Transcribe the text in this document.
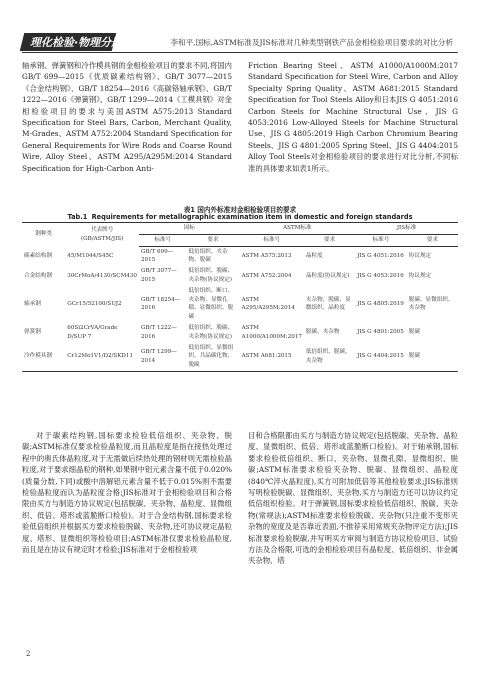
理化检验·物理分册	李和平,国标,ASTM标准及JIS标准对几种类型钢铁产品金相检验项目要求的对比分析

轴承钢、弹簧钢和冷作模具钢的金相检验项目的要求不同,将国内GB/T 699—2015《优质碳素结构钢》、GB/T 3077—2015《合金结构钢》、GB/T 18254—2016《高碳铬轴承钢》、GB/T 1222—2016《弹簧钢》、GB/T 1299—2014《工模具钢》对金相检验项目的要求与美国ASTM A575:2013 Standard Specification for Steel Bars, Carbon, Merchant Quality, M-Grades、ASTM A752:2004 Standard Specification for General Requirements for Wire Rods and Coarse Round Wire, Alloy Steel、ASTM A295/A295M:2014 Standard Specification for High-Carbon Anti-

Friction Bearing Steel、ASTM A1000/A1000M:2017 Standard Specification for Steel Wire, Carbon and Alloy Specialty Spring Quality、ASTM A681:2015 Standard Specification for Tool Steels Alloy和日本JIS G 4051:2016 Carbon Steels for Machine Structural Use、JIS G 4053:2016 Low-Alloyed Steels for Machine Structural Use、JIS G 4805:2019 High Carbon Chromium Bearing Steels、JIS G 4801:2005 Spring Steel、JIS G 4404:2015 Alloy Tool Steels对金相检验项目的要求进行对比分析,不同标准的具体要求如表1所示。

表1 国内外标准对金相检验项目的要求
Tab.1 Requirements for metallographic examination item in domestic and foreign standards
钢种类	代表牌号
(GB/ASTM/JIS)	国标		ASTM标准		JIS标准	
		标准号	要求	标准号	要求	标准号	要求
碳素结构钢	45/M1044/S45C	GB/T 699—2015	低倍组织、夹杂物、脱碳	ASTM A575:2013	晶粒度	JIS G 4051:2016	协议规定
合金结构钢	30CrMoA/4130/SCM430	GB/T 3077—2015	低倍组织、脱碳、夹杂物(协议规定)	ASTM A752:2004	晶粒度(协议规定)	JIS G 4053:2016	协议规定
轴承钢	GCr15/52100/SUJ2	GB/T 18254—2016	低倍组织、断口、夹杂物、显微孔隙、显微组织、脱碳	ASTM A295/A295M:2014	夹杂物、脱碳、显微组织、晶粒度	JIS G 4805:2019	脱碳、显微组织、夹杂物
弹簧钢	60Si2CrVA/Grade D/SUP 7	GB/T 1222—2016	低倍组织、脱碳、夹杂物(协议规定)	ASTM A1000/A1000M:2017	脱碳、夹杂物	JIS G 4801:2005	脱碳
冷作模具钢	Cr12Mo1V1/D2/SKD11	GB/T 1299—2014	低倍组织、显微组织、共晶碳化物、脱碳	ASTM A681:2015	低倍组织、脱碳、夹杂物	JIS G 4404:2015	脱碳

对于碳素结构钢,国标要求检验低倍组织、夹杂物、脱碳;ASTM标准仅要求检验晶粒度,而且晶粒度是指在接热处理过程中的奥氏体晶粒度,对于无需做后续热处理的钢材则无需检验晶粒度,对于要求细晶粒的钢种,如果钢中铝元素含量不低于0.020%(质量分数,下同)或酸中溶解铝元素含量不低于0.015%则不需要检验晶粒度而认为晶粒度合格;JIS标准对于金相检验项目和合格限由买方与制造方协议规定(包括脱碳、夹杂物、晶粒度、显微组织、低倍、塔形或蓝脆断口检验)。对于合金结构钢,国标要求检验低倍组织并根据买方要求检验脱碳、夹杂物,还可协议规定晶粒度、塔形、显微组织等检验项目;ASTM标准仅要求检验晶粒度,而且是在协议有规定时才检验;JIS标准对于金相检验项

目和合格限都由买方与制造方协议规定(包括脱碳、夹杂物、晶粒度、显微组织、低倍、塔形或蓝脆断口检验)。对于轴承钢,国标要求检验低倍组织、断口、夹杂物、显微孔隙、显微组织、脱碳;ASTM标准要求检验夹杂物、脱碳、显微组织、晶粒度(840℃淬火晶粒度),买方可附加低倍等其他检验要求;JIS标准则写明检验脱碳、显微组织、夹杂物,买方与制造方还可以协议约定低倍组织检验。对于弹簧钢,国标要求检验低倍组织、脱碳、夹杂物(常规法);ASTM标准要求检验脱碳、夹杂物(只注重不变形夹杂物的宽度及是否靠近表面,不推荐采用常规夹杂物评定方法);JIS标准要求检验脱碳,并写明买方审阅与制造方协议检验项目、试验方法及合格限,可选的金相检验项目有晶粒度、低倍组织、非金属夹杂物、塔

2
